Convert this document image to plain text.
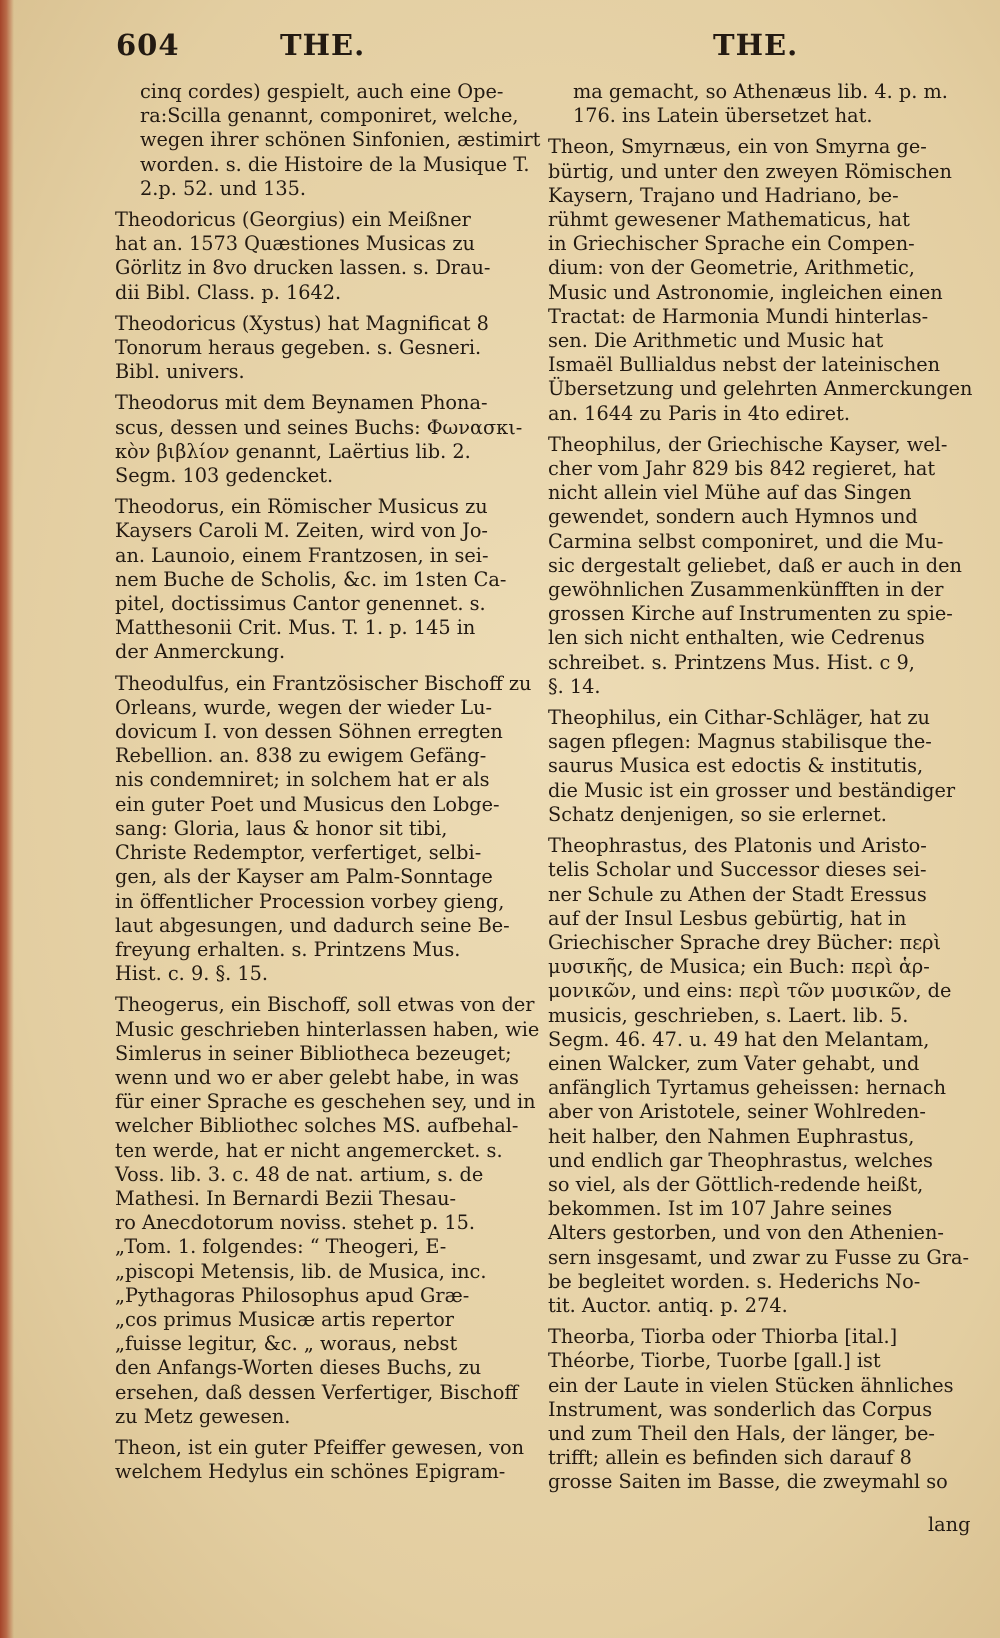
604	THE.	THE.
cinq cordes) gespielt, auch eine Ope-
ra:Scilla genannt, componiret, welche,
wegen ihrer schönen Sinfonien, æstimirt
worden. s. die Histoire de la Musique T.
2.p. 52. und 135.
Theodoricus (Georgius) ein Meißner
hat an. 1573 Quæstiones Musicas zu
Görlitz in 8vo drucken lassen. s. Drau-
dii Bibl. Class. p. 1642.
Theodoricus (Xystus) hat Magnificat 8
Tonorum heraus gegeben. s. Gesneri.
Bibl. univers.
Theodorus mit dem Beynamen Phona-
scus, dessen und seines Buchs: Φωνασκι-
κὸν βιβλίον genannt, Laërtius lib. 2.
Segm. 103 gedencket.
Theodorus, ein Römischer Musicus zu
Kaysers Caroli M. Zeiten, wird von Jo-
an. Launoio, einem Frantzosen, in sei-
nem Buche de Scholis, &c. im 1sten Ca-
pitel, doctissimus Cantor genennet. s.
Matthesonii Crit. Mus. T. 1. p. 145 in
der Anmerckung.
Theodulfus, ein Frantzösischer Bischoff zu
Orleans, wurde, wegen der wieder Lu-
dovicum I. von dessen Söhnen erregten
Rebellion. an. 838 zu ewigem Gefäng-
nis condemniret; in solchem hat er als
ein guter Poet und Musicus den Lobge-
sang: Gloria, laus & honor sit tibi,
Christe Redemptor, verfertiget, selbi-
gen, als der Kayser am Palm-Sonntage
in öffentlicher Procession vorbey gieng,
laut abgesungen, und dadurch seine Be-
freyung erhalten. s. Printzens Mus.
Hist. c. 9. §. 15.
Theogerus, ein Bischoff, soll etwas von der
Music geschrieben hinterlassen haben, wie
Simlerus in seiner Bibliotheca bezeuget;
wenn und wo er aber gelebt habe, in was
für einer Sprache es geschehen sey, und in
welcher Bibliothec solches MS. aufbehal-
ten werde, hat er nicht angemercket. s.
Voss. lib. 3. c. 48 de nat. artium, s. de
Mathesi. In Bernardi Bezii Thesau-
ro Anecdotorum noviss. stehet p. 15.
„Tom. 1. folgendes: “ Theogeri, E-
„piscopi Metensis, lib. de Musica, inc.
„Pythagoras Philosophus apud Græ-
„cos primus Musicæ artis repertor
„fuisse legitur, &c. „ woraus, nebst
den Anfangs-Worten dieses Buchs, zu
ersehen, daß dessen Verfertiger, Bischoff
zu Metz gewesen.
Theon, ist ein guter Pfeiffer gewesen, von
welchem Hedylus ein schönes Epigram-
ma gemacht, so Athenæus lib. 4. p. m.
176. ins Latein übersetzet hat.
Theon, Smyrnæus, ein von Smyrna ge-
bürtig, und unter den zweyen Römischen
Kaysern, Trajano und Hadriano, be-
rühmt gewesener Mathematicus, hat
in Griechischer Sprache ein Compen-
dium: von der Geometrie, Arithmetic,
Music und Astronomie, ingleichen einen
Tractat: de Harmonia Mundi hinterlas-
sen. Die Arithmetic und Music hat
Ismaël Bullialdus nebst der lateinischen
Übersetzung und gelehrten Anmerckungen
an. 1644 zu Paris in 4to ediret.
Theophilus, der Griechische Kayser, wel-
cher vom Jahr 829 bis 842 regieret, hat
nicht allein viel Mühe auf das Singen
gewendet, sondern auch Hymnos und
Carmina selbst componiret, und die Mu-
sic dergestalt geliebet, daß er auch in den
gewöhnlichen Zusammenkünfften in der
grossen Kirche auf Instrumenten zu spie-
len sich nicht enthalten, wie Cedrenus
schreibet. s. Printzens Mus. Hist. c 9,
§. 14.
Theophilus, ein Cithar-Schläger, hat zu
sagen pflegen: Magnus stabilisque the-
saurus Musica est edoctis & institutis,
die Music ist ein grosser und beständiger
Schatz denjenigen, so sie erlernet.
Theophrastus, des Platonis und Aristo-
telis Scholar und Successor dieses sei-
ner Schule zu Athen der Stadt Eressus
auf der Insul Lesbus gebürtig, hat in
Griechischer Sprache drey Bücher: περὶ
μυσικῆς, de Musica; ein Buch: περὶ ἁρ-
μονικῶν, und eins: περὶ τῶν μυσικῶν, de
musicis, geschrieben, s. Laert. lib. 5.
Segm. 46. 47. u. 49 hat den Melantam,
einen Walcker, zum Vater gehabt, und
anfänglich Tyrtamus geheissen: hernach
aber von Aristotele, seiner Wohlreden-
heit halber, den Nahmen Euphrastus,
und endlich gar Theophrastus, welches
so viel, als der Göttlich-redende heißt,
bekommen. Ist im 107 Jahre seines
Alters gestorben, und von den Athenien-
sern insgesamt, und zwar zu Fusse zu Gra-
be begleitet worden. s. Hederichs No-
tit. Auctor. antiq. p. 274.
Theorba, Tiorba oder Thiorba [ital.]
Théorbe, Tiorbe, Tuorbe [gall.] ist
ein der Laute in vielen Stücken ähnliches
Instrument, was sonderlich das Corpus
und zum Theil den Hals, der länger, be-
trifft; allein es befinden sich darauf 8
grosse Saiten im Basse, die zweymahl so
lang
